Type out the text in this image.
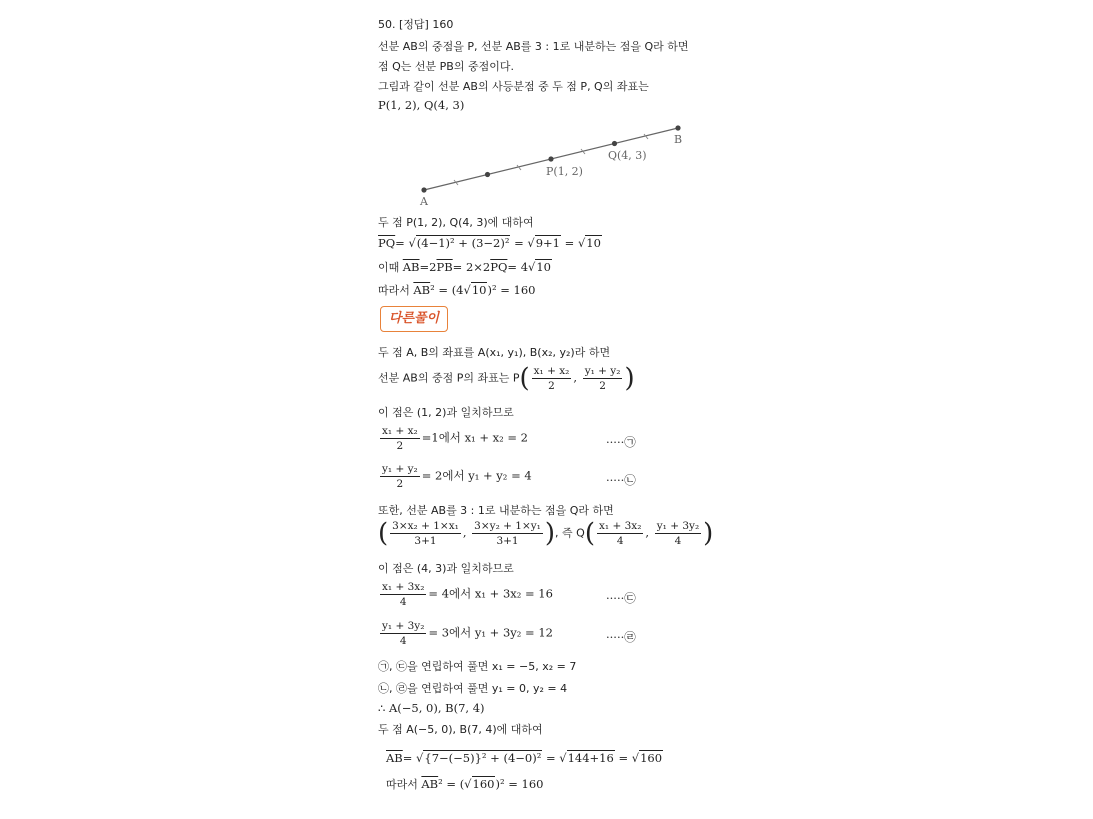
50. [정답] 160
선분 AB의 중점을 P, 선분 AB를 3 : 1로 내분하는 점을 Q라 하면
점 Q는 선분 PB의 중점이다.
그림과 같이 선분 AB의 사등분점 중 두 점 P, Q의 좌표는
P(1, 2), Q(4, 3)
A
B
P(1, 2)
Q(4, 3)
두 점 P(1, 2), Q(4, 3)에 대하여
$\overline{PQ}= √(4-1)^2 + (3-2)^2 = √9+1 = √10$
이때 $\overline{AB}=2\overline{PB}= 2\times 2\overline{PQ}= 4√10$
따라서 $\overline{AB}^2 = (4√10)^2 = 160$
다른풀이
두 점 A, B의 좌표를 A(x₁, y₁), B(x₂, y₂)라 하면
선분 AB의 중점 P의 좌표는 $P( \frac{\text{x₁ + x₂}}{2}$ , $\frac{\text{y₁ + y₂}}{2}$ )
이 점은 (1, 2)과 일치하므로
$\frac{\text{x₁ + x₂}}{2} =1$에서 x₁ + x₂ = 2	·····㉠
$\frac{\text{y₁ + y₂}}{2} = 2$에서 y₁ + y₂ = 4	·····㉡
또한, 선분 AB를 3 : 1로 내분하는 점을 Q라 하면
( $\frac{\text{3×x₂ + 1×x₁}}{3+1}$ , $\frac{\text{3×y₂ + 1×y₁}}{3+1}$ ), 즉 $Q( \frac{\text{x₁ + 3x₂}}{4}$ , $\frac{\text{y₁ + 3y₂}}{4}$ )
이 점은 (4, 3)과 일치하므로
$\frac{\text{x₁ + 3x₂}}{4} = 4$에서 x₁ + 3x₂ = 16	·····㉢
$\frac{\text{y₁ + 3y₂}}{4} = 3$에서 y₁ + 3y₂ = 12	·····㉣
㉠, ㉢을 연립하여 풀면 x₁ = −5, x₂ = 7
㉡, ㉣을 연립하여 풀면 y₁ = 0, y₂ = 4
∴ A(−5, 0), B(7, 4)
두 점 A(−5, 0), B(7, 4)에 대하여
$\overline{AB}= √\{7-(-5)\}^2 + (4-0)^2 = √144+16 = √160$
따라서 $\overline{AB}^2 = (√160)^2 = 160$
